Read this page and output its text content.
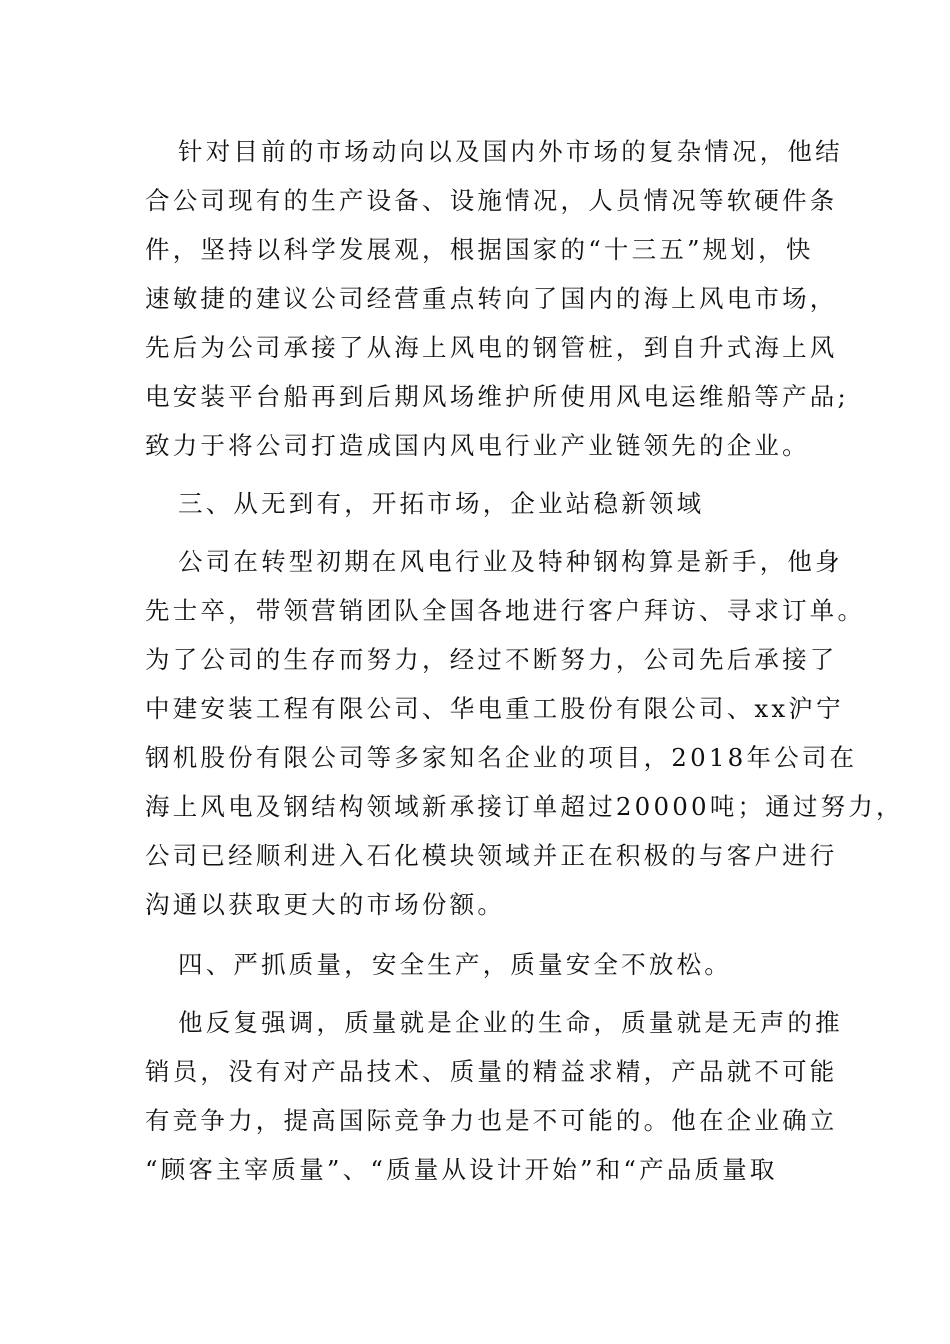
针对目前的市场动向以及国内外市场的复杂情况，他结
合公司现有的生产设备、设施情况，人员情况等软硬件条
件，坚持以科学发展观，根据国家的“十三五”规划，快
速敏捷的建议公司经营重点转向了国内的海上风电市场，
先后为公司承接了从海上风电的钢管桩，到自升式海上风
电安装平台船再到后期风场维护所使用风电运维船等产品;
致力于将公司打造成国内风电行业产业链领先的企业。
三、从无到有，开拓市场，企业站稳新领域
公司在转型初期在风电行业及特种钢构算是新手，他身
先士卒，带领营销团队全国各地进行客户拜访、寻求订单。
为了公司的生存而努力，经过不断努力，公司先后承接了
中建安装工程有限公司、华电重工股份有限公司、xx沪宁
钢机股份有限公司等多家知名企业的项目，2018年公司在
海上风电及钢结构领域新承接订单超过20000吨；通过努力，
公司已经顺利进入石化模块领域并正在积极的与客户进行
沟通以获取更大的市场份额。
四、严抓质量，安全生产，质量安全不放松。
他反复强调，质量就是企业的生命，质量就是无声的推
销员，没有对产品技术、质量的精益求精，产品就不可能
有竞争力，提高国际竞争力也是不可能的。他在企业确立
“顾客主宰质量”、“质量从设计开始”和“产品质量取
